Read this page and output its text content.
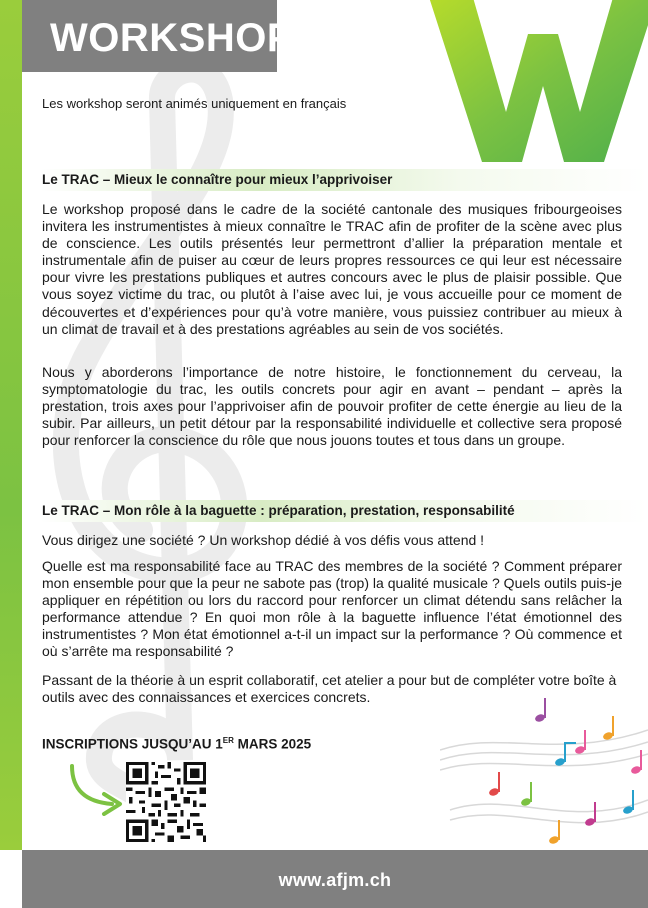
WORKSHOP
Les workshop seront animés uniquement en français
Le TRAC – Mieux le connaître pour mieux l’apprivoiser

Le workshop proposé dans le cadre de la société cantonale des musiques fribourgeoises invitera les instrumentistes à mieux connaître le TRAC afin de profiter de la scène avec plus de conscience. Les outils présentés leur permettront d’allier la préparation mentale et instrumentale afin de puiser au cœur de leurs propres ressources ce qui leur est nécessaire pour vivre les prestations publiques et autres concours avec le plus de plaisir possible. Que vous soyez victime du trac, ou plutôt à l’aise avec lui, je vous accueille pour ce moment de découvertes et d’expériences pour qu’à votre manière, vous puissiez contribuer au mieux à un climat de travail et à des prestations agréables au sein de vos sociétés.

Nous y aborderons l’importance de notre histoire, le fonctionnement du cerveau, la symptomatologie du trac, les outils concrets pour agir en avant – pendant – après la prestation, trois axes pour l’apprivoiser afin de pouvoir profiter de cette énergie au lieu de la subir. Par ailleurs, un petit détour par la responsabilité individuelle et collective sera proposé pour renforcer la conscience du rôle que nous jouons toutes et tous dans un groupe.

Le TRAC – Mon rôle à la baguette : préparation, prestation, responsabilité

Vous dirigez une société ? Un workshop dédié à vos défis vous attend !

Quelle est ma responsabilité face au TRAC des membres de la société ? Comment préparer mon ensemble pour que la peur ne sabote pas (trop) la qualité musicale ? Quels outils puis-je appliquer en répétition ou lors du raccord pour renforcer un climat détendu sans relâcher la performance attendue ? En quoi mon rôle à la baguette influence l’état émotionnel des instrumentistes ? Mon état émotionnel a-t-il un impact sur la performance ? Où commence et où s’arrête ma responsabilité ?

Passant de la théorie à un esprit collaboratif, cet atelier a pour but de compléter votre boîte à outils avec des connaissances et exercices concrets.

INSCRIPTIONS JUSQU’AU 1ER MARS 2025
www.afjm.ch
